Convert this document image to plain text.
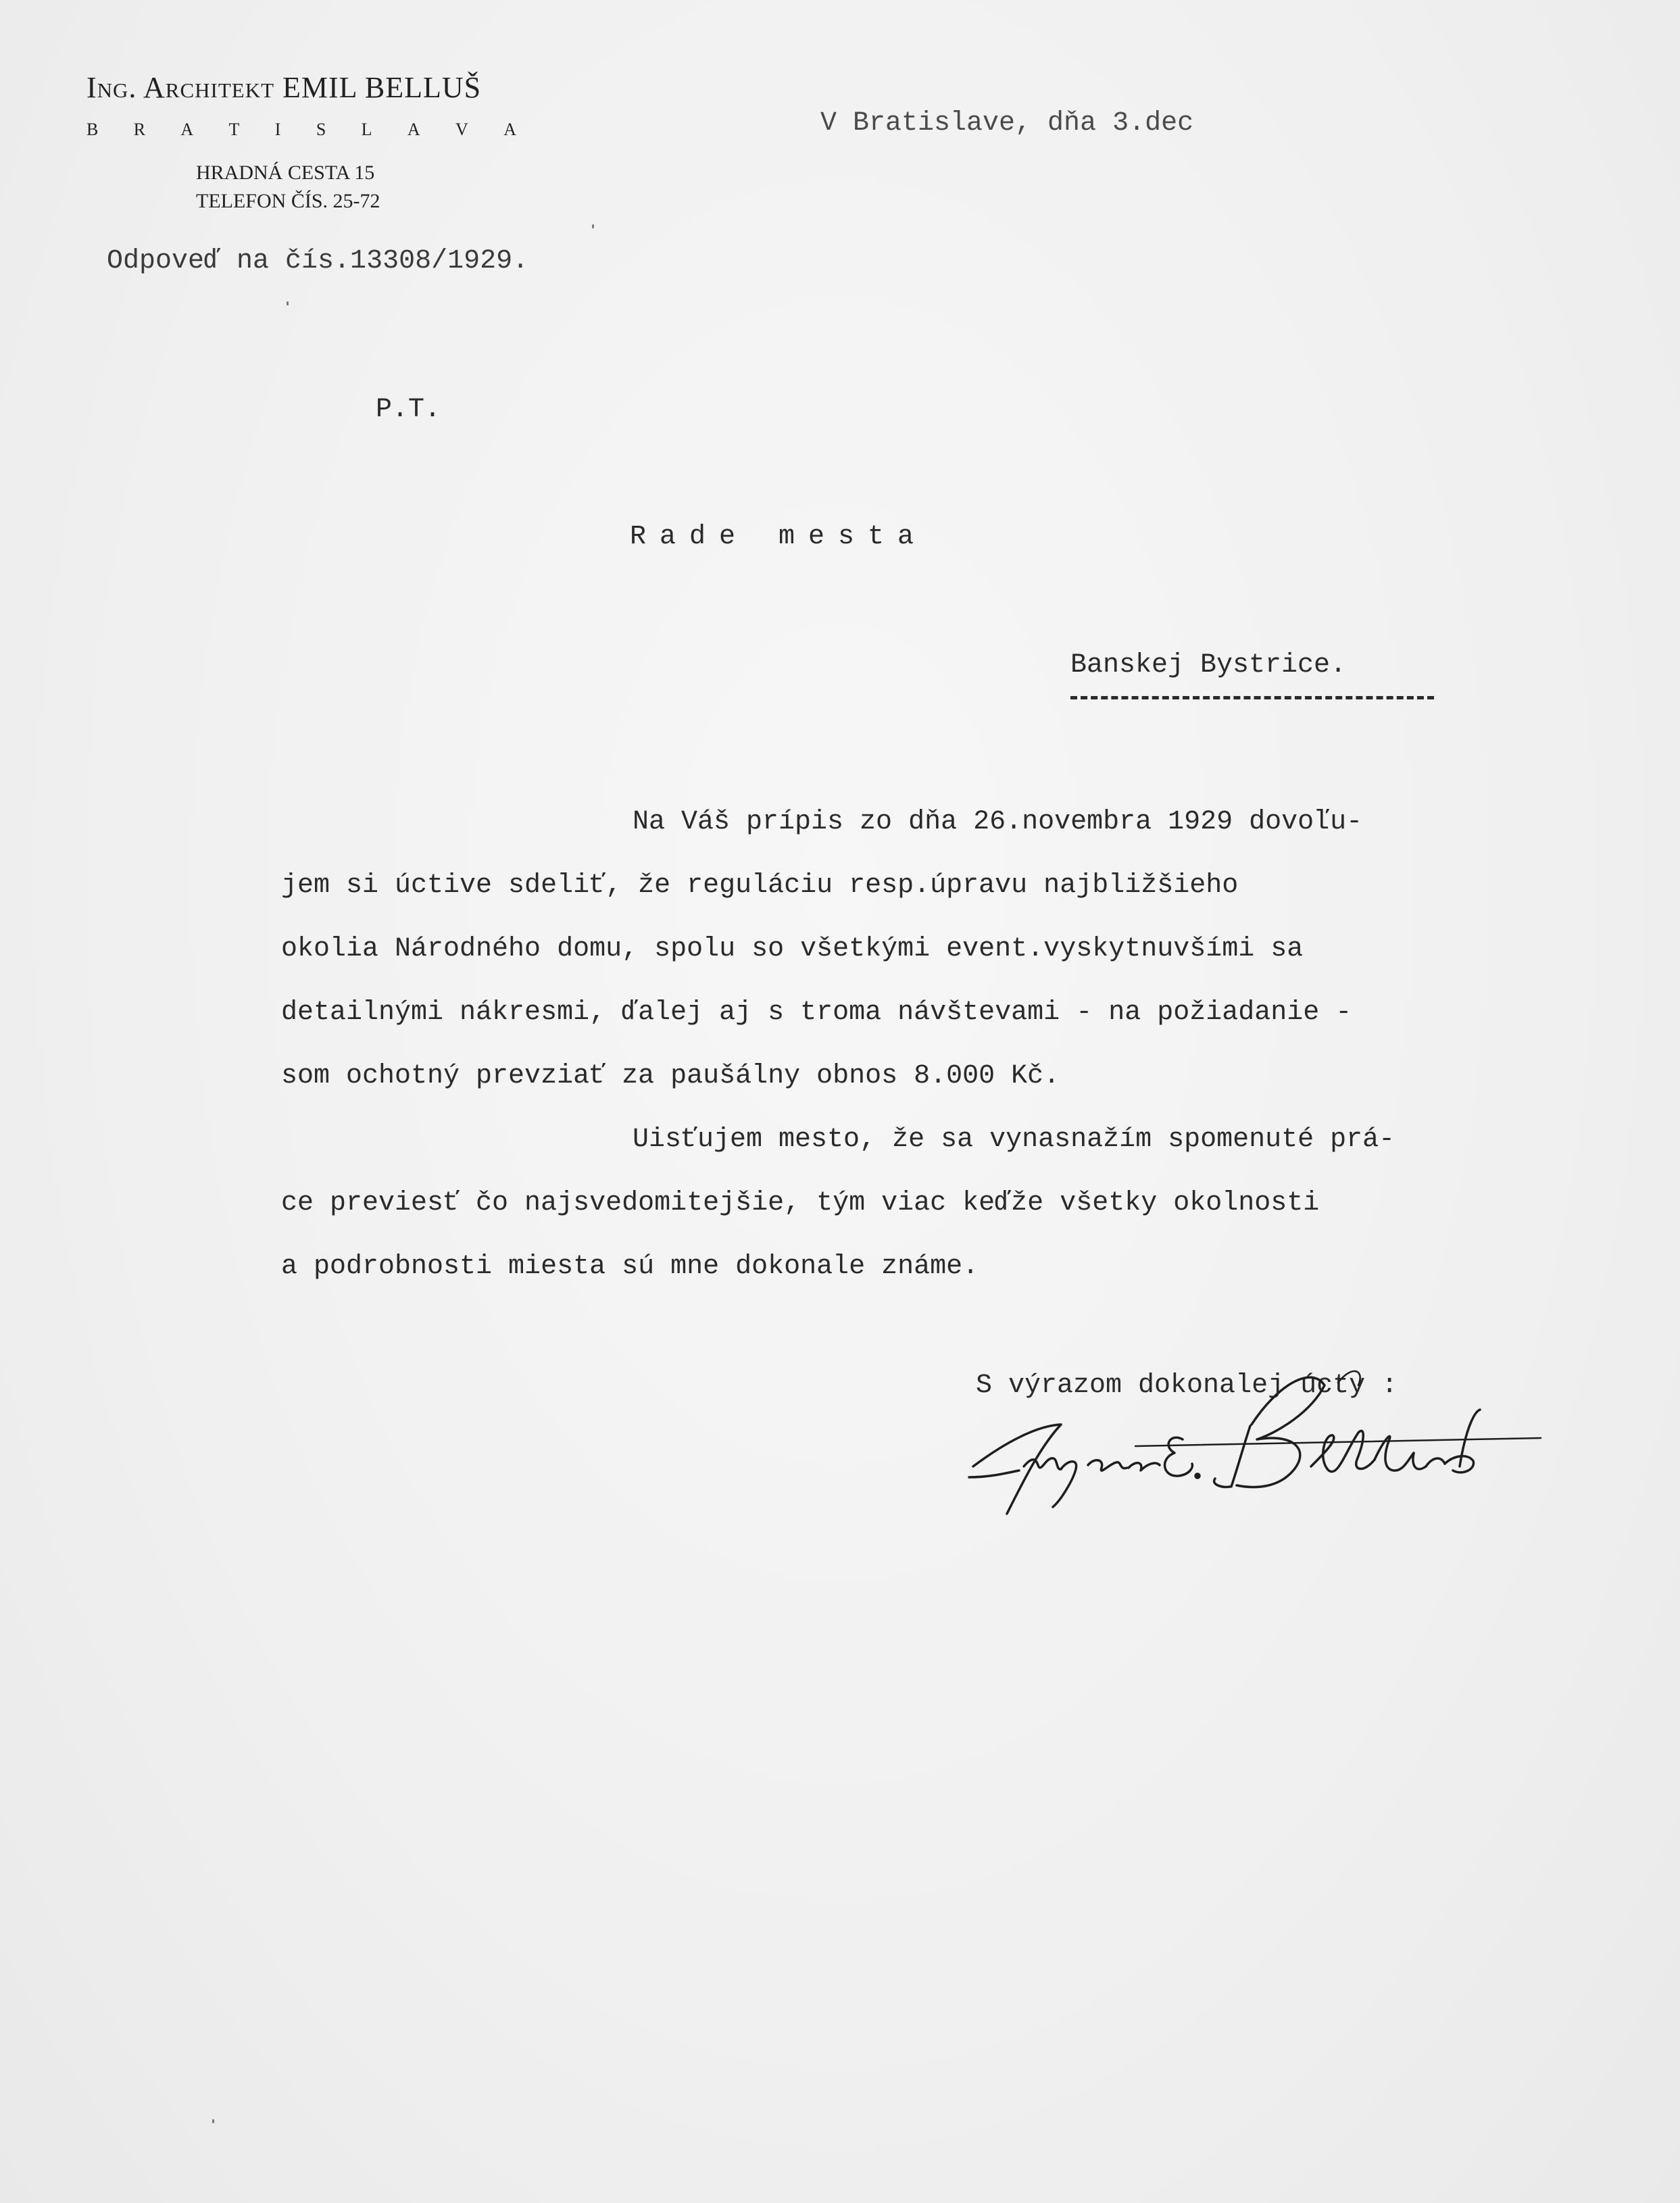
Ing. Architekt EMIL BELLUŠ
B R A T I S L A V A
HRADNÁ CESTA 15
TELEFON ČÍS. 25-72
V Bratislave, dňa 3.dec
Odpoveď na čís.13308/1929.
P.T.
Rade mesta
Banskej Bystrice.
Na Váš prípis zo dňa 26.novembra 1929 dovoľu-
jem si úctive sdeliť, že reguláciu resp.úpravu najbližšieho
okolia Národného domu, spolu so všetkými event.vyskytnuvšími sa
detailnými nákresmi, ďalej aj s troma návštevami - na požiadanie -
som ochotný prevziať za paušálny obnos 8.000 Kč.
Uisťujem mesto, že sa vynasnažím spomenuté prá-
ce previesť čo najsvedomitejšie, tým viac keďže všetky okolnosti
a podrobnosti miesta sú mne dokonale známe.
S výrazom dokonalej úcty :
